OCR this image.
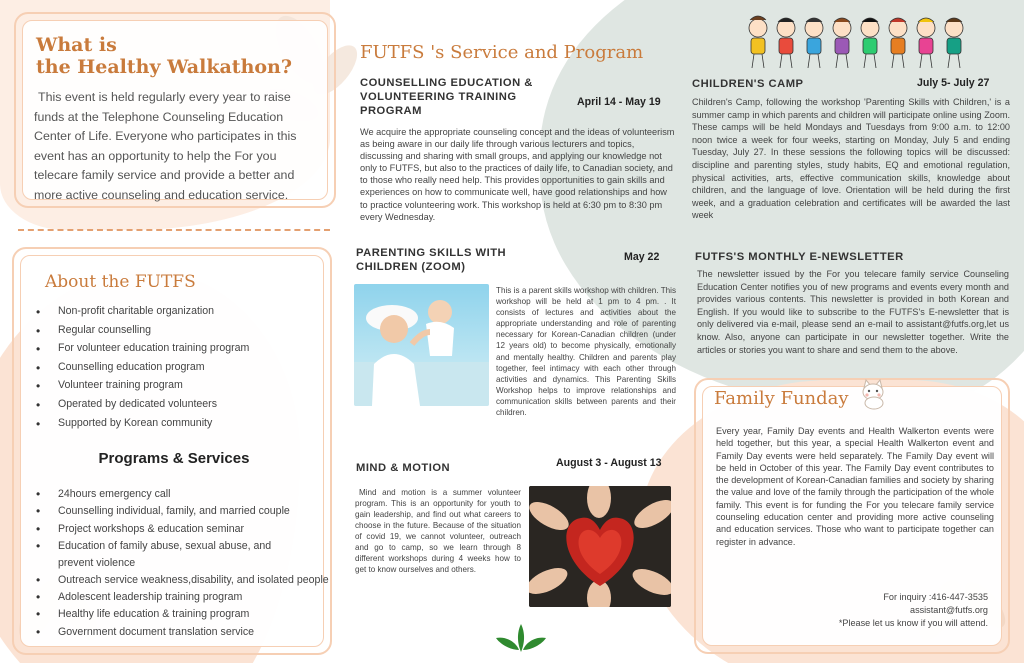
What is
the Healthy Walkathon?
This event is held regularly every year to raise funds at the Telephone Counseling Education Center of Life. Everyone who participates in this event has an opportunity to help the For you telecare family service and provide a better and more active counseling and education service.
About the FUTFS
• Non-profit charitable organization
• Regular counselling
• For volunteer education training program
• Counselling education program
• Volunteer training program
• Operated by dedicated volunteers
• Supported by Korean community
Programs & Services
• 24hours emergency call
• Counselling individual, family, and married couple
• Project workshops & education seminar
• Education of family abuse, sexual abuse, and prevent violence
• Outreach service weakness,disability, and isolated people
• Adolescent leadership training program
• Healthy life education & training program
• Government document translation service
FUTFS 's Service and Program
COUNSELLING EDUCATION & VOLUNTEERING TRAINING PROGRAM
April 14 - May 19
We acquire the appropriate counseling concept and the ideas of volunteerism as being aware in our daily life through various lecturers and topics, discussing and sharing with small groups, and applying our knowledge not only to FUTFS, but also to the practices of daily life, to Canadian society, and to those who really need help. This provides opportunities to gain skills and experiences on how to communicate well, have good relationships and how to practice volunteering work. This workshop is held at 6:30 pm to 8:30 pm every Wednesday.
PARENTING SKILLS WITH CHILDREN (ZOOM)
May 22
This is a parent skills workshop with children. This workshop will be held at 1 pm to 4 pm. . It consists of lectures and activities about the appropriate understanding and role of parenting necessary for Korean-Canadian children (under 12 years old) to become physically, emotionally and mentally healthy. Children and parents play together, feel intimacy with each other through activities and dynamics. This Parenting Skills Workshop helps to improve relationships and communication skills between parents and their children.
MIND & MOTION	August 3 - August 13
Mind and motion is a summer volunteer program. This is an opportunity for youth to gain leadership, and find out what careers to choose in the future. Because of the situation of covid 19, we cannot volunteer, outreach and go to camp, so we learn through 8 different workshops during 4 weeks how to get to know ourselves and others.
CHILDREN'S CAMP	July 5- July 27
Children's Camp, following the workshop 'Parenting Skills with Children,' is a summer camp in which parents and children will participate online using Zoom. These camps will be held Mondays and Tuesdays from 9:00 a.m. to 12:00 noon twice a week for four weeks, starting on Monday, July 5 and ending Tuesday, July 27. In these sessions the following topics will be discussed: discipline and parenting styles, study habits, EQ and emotional regulation, physical activities, arts, effective communication skills, knowledge about children, and the language of love. Orientation will be held during the first week, and a graduation celebration and certificates will be awarded the last week
FUTFS'S MONTHLY E-NEWSLETTER
The newsletter issued by the For you telecare family service Counseling Education Center notifies you of new programs and events every month and provides various contents. This newsletter is provided in both Korean and English. If you would like to subscribe to the FUTFS's E-newsletter that is only delivered via e-mail, please send an e-mail to assistant@futfs.org,let us know. Also, anyone can participate in our newsletter together. Write the articles or stories you want to share and send them to the above.
Family Funday
Every year, Family Day events and Health Walkerton events were held together, but this year, a special Health Walkerton event and Family Day events were held separately. The Family Day event will be held in October of this year. The Family Day event contributes to the development of Korean-Canadian families and society by sharing the value and love of the family through the participation of the whole family. This event is for funding the For you telecare family service counseling education center and providing more active counseling and education services. Those who want to participate together can register in advance.
For inquiry :416-447-3535
assistant@futfs.org
*Please let us know if you will attend.
